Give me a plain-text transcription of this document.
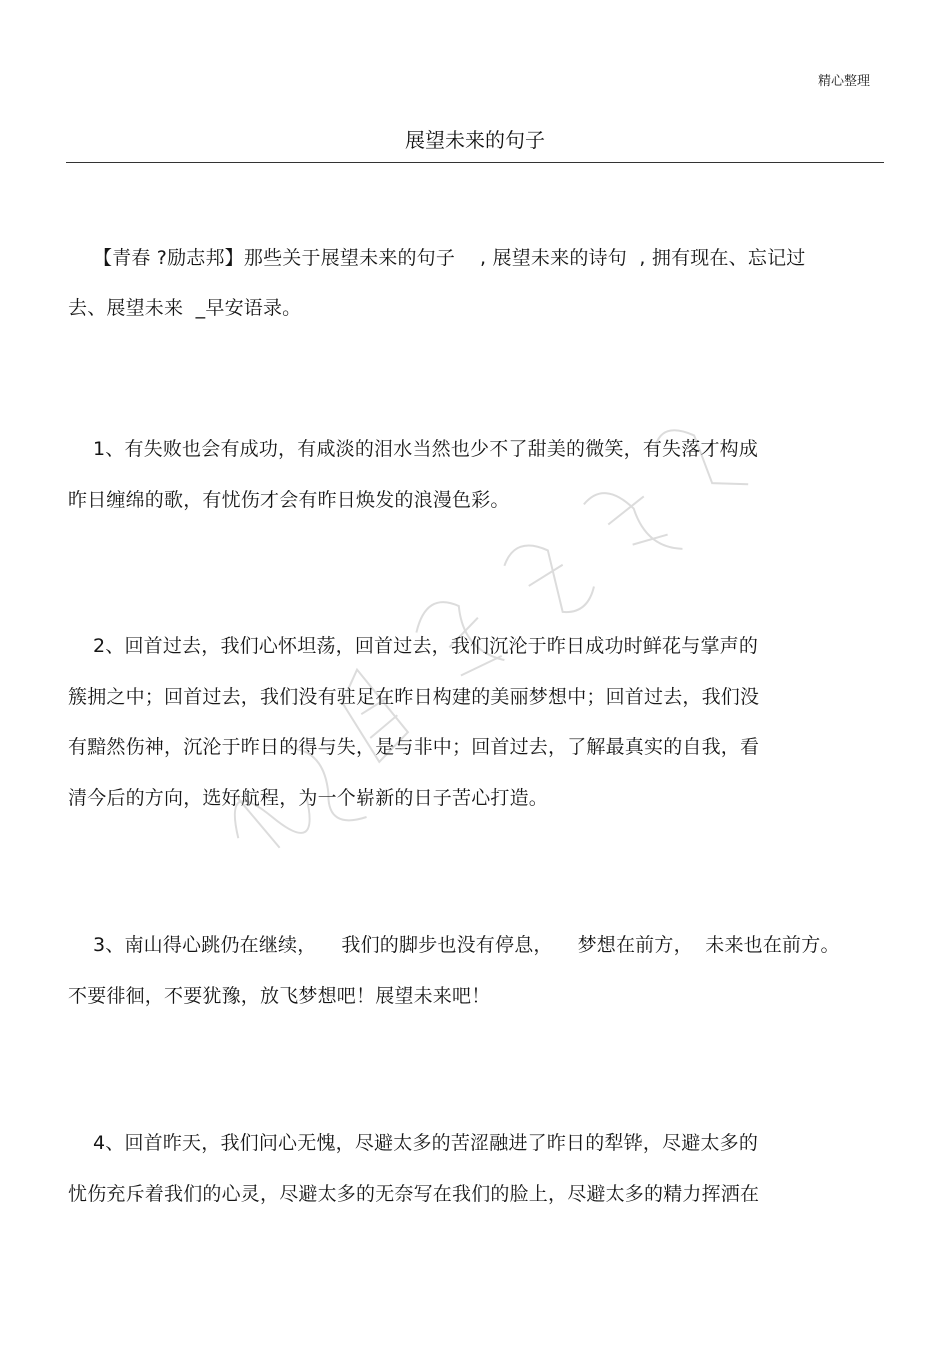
精心整理
展望未来的句子
【青春 ?励志邦】那些关于展望未来的句子    , 展望未来的诗句  , 拥有现在、忘记过
去、展望未来  _早安语录。
1、有失败也会有成功，有咸淡的泪水当然也少不了甜美的微笑，有失落才构成
昨日缠绵的歌，有忧伤才会有昨日焕发的浪漫色彩。
2、回首过去，我们心怀坦荡，回首过去，我们沉沦于昨日成功时鲜花与掌声的
簇拥之中；回首过去，我们没有驻足在昨日构建的美丽梦想中；回首过去，我们没
有黯然伤神，沉沦于昨日的得与失，是与非中；回首过去，了解最真实的自我，看
清今后的方向，选好航程，为一个崭新的日子苦心打造。
3、南山得心跳仍在继续，    我们的脚步也没有停息，    梦想在前方，  未来也在前方。
不要徘徊，不要犹豫，放飞梦想吧！展望未来吧！
4、回首昨天，我们问心无愧，尽避太多的苦涩融进了昨日的犁铧，尽避太多的
忧伤充斥着我们的心灵，尽避太多的无奈写在我们的脸上，尽避太多的精力挥洒在
